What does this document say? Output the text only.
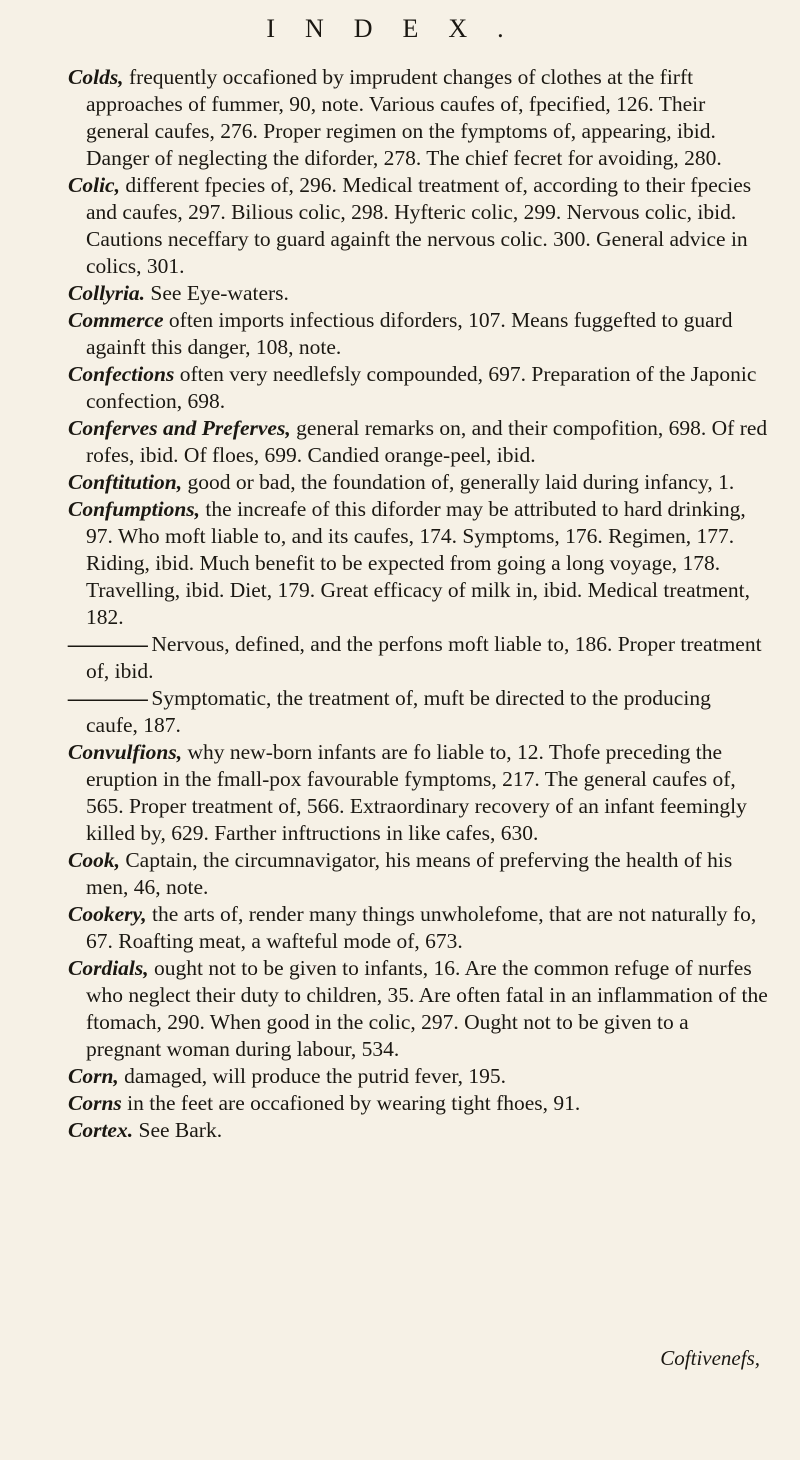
INDEX.

Colds, frequently occafioned by imprudent changes of clothes at the firft approaches of fummer, 90, note. Various caufes of, fpecified, 126. Their general caufes, 276. Proper regimen on the fymptoms of, appearing, ibid. Danger of neglecting the diforder, 278. The chief fecret for avoiding, 280.

Colic, different fpecies of, 296. Medical treatment of, according to their fpecies and caufes, 297. Bilious colic, 298. Hyfteric colic, 299. Nervous colic, ibid. Cautions neceffary to guard againft the nervous colic. 300. General advice in colics, 301.

Collyria. See Eye-waters.

Commerce often imports infectious diforders, 107. Means fuggefted to guard againft this danger, 108, note.

Confections often very needlefsly compounded, 697. Preparation of the Japonic confection, 698.

Conferves and Preferves, general remarks on, and their compofition, 698. Of red rofes, ibid. Of floes, 699. Candied orange-peel, ibid.

Conftitution, good or bad, the foundation of, generally laid during infancy, 1.

Confumptions, the increafe of this diforder may be attributed to hard drinking, 97. Who moft liable to, and its caufes, 174. Symptoms, 176. Regimen, 177. Riding, ibid. Much benefit to be expected from going a long voyage, 178. Travelling, ibid. Diet, 179. Great efficacy of milk in, ibid. Medical treatment, 182.

———— Nervous, defined, and the perfons moft liable to, 186. Proper treatment of, ibid.

———— Symptomatic, the treatment of, muft be directed to the producing caufe, 187.

Convulfions, why new-born infants are fo liable to, 12. Thofe preceding the eruption in the fmall-pox favourable fymptoms, 217. The general caufes of, 565. Proper treatment of, 566. Extraordinary recovery of an infant feemingly killed by, 629. Farther inftructions in like cafes, 630.

Cook, Captain, the circumnavigator, his means of preferving the health of his men, 46, note.

Cookery, the arts of, render many things unwholefome, that are not naturally fo, 67. Roafting meat, a wafteful mode of, 673.

Cordials, ought not to be given to infants, 16. Are the common refuge of nurfes who neglect their duty to children, 35. Are often fatal in an inflammation of the ftomach, 290. When good in the colic, 297. Ought not to be given to a pregnant woman during labour, 534.

Corn, damaged, will produce the putrid fever, 195.

Corns in the feet are occafioned by wearing tight fhoes, 91.

Cortex. See Bark.

Coftivenefs,
